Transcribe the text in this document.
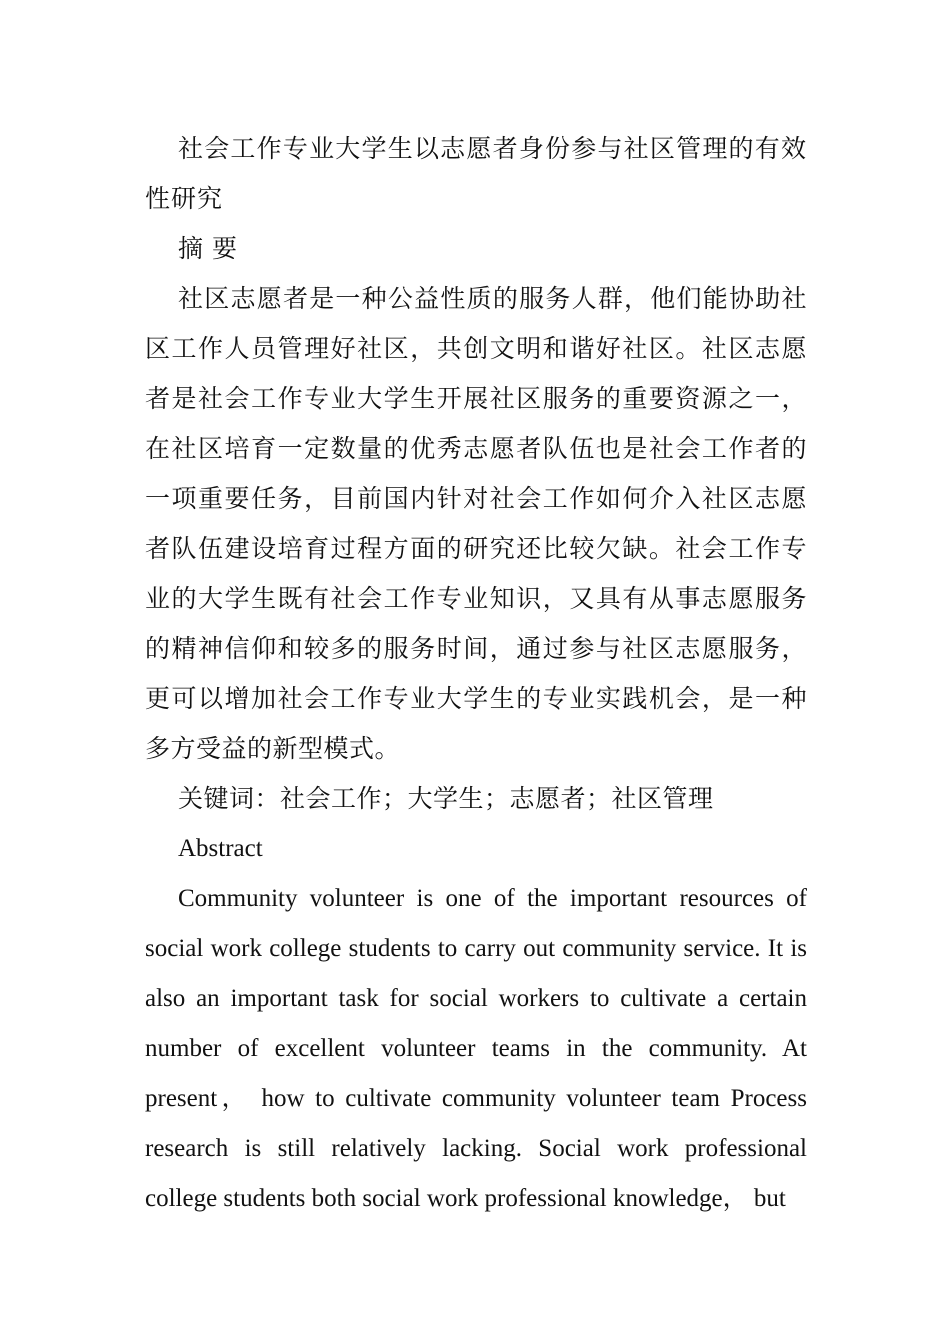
社会工作专业大学生以志愿者身份参与社区管理的有效性研究

摘 要

社区志愿者是一种公益性质的服务人群，他们能协助社区工作人员管理好社区，共创文明和谐好社区。社区志愿者是社会工作专业大学生开展社区服务的重要资源之一，在社区培育一定数量的优秀志愿者队伍也是社会工作者的一项重要任务，目前国内针对社会工作如何介入社区志愿者队伍建设培育过程方面的研究还比较欠缺。社会工作专业的大学生既有社会工作专业知识，又具有从事志愿服务的精神信仰和较多的服务时间，通过参与社区志愿服务，更可以增加社会工作专业大学生的专业实践机会，是一种多方受益的新型模式。

关键词：社会工作；大学生；志愿者；社区管理

Abstract

Community volunteer is one of the important resources of social work college students to carry out community service. It is also an important task for social workers to cultivate a certain number of excellent volunteer teams in the community. At present， how to cultivate community volunteer team Process research is still relatively lacking. Social work professional college students both social work professional knowledge， but
